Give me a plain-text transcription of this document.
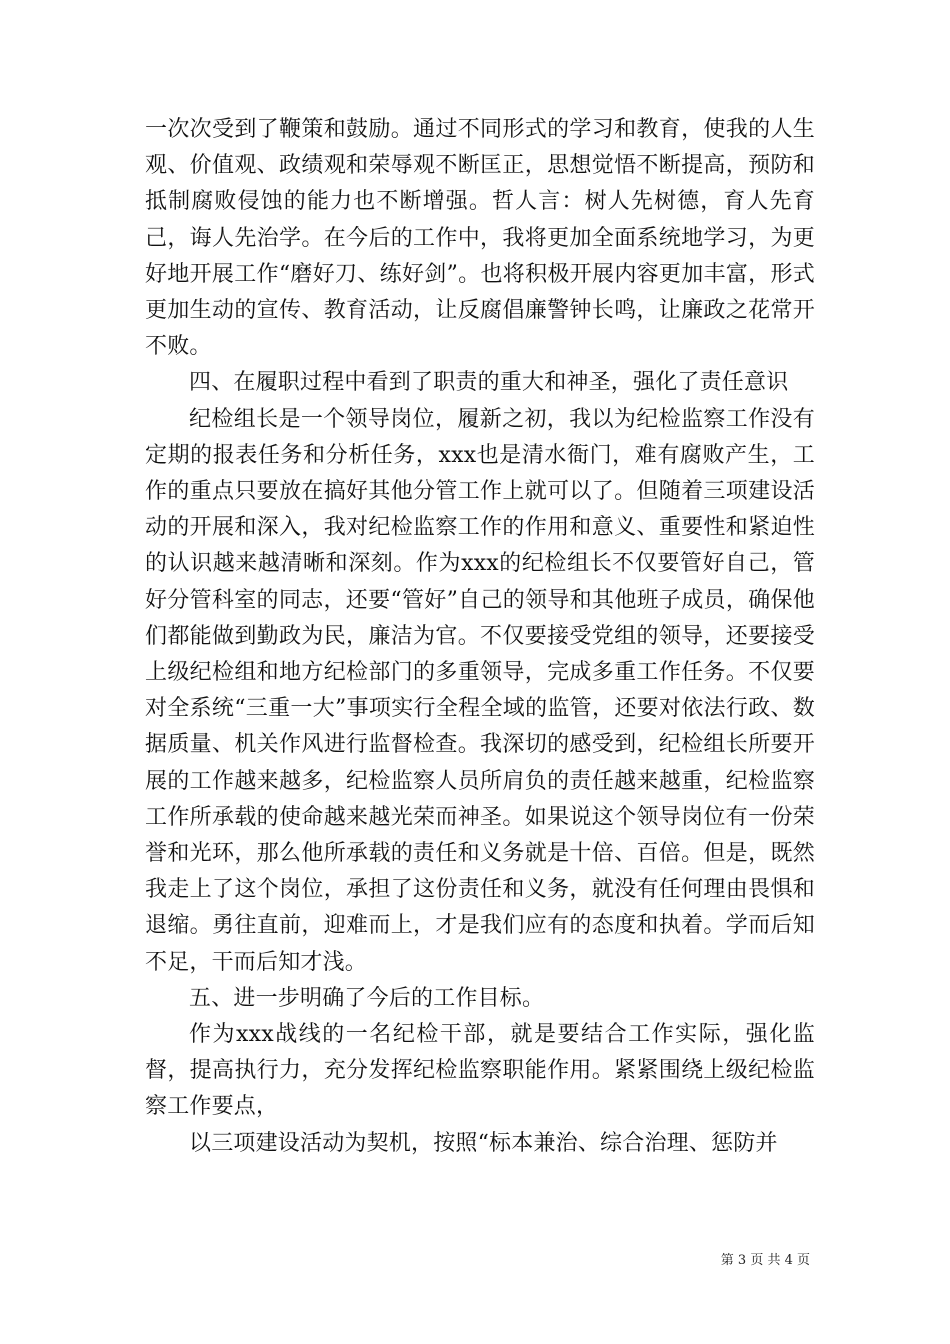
一次次受到了鞭策和鼓励。通过不同形式的学习和教育，使我的人生观、价值观、政绩观和荣辱观不断匡正，思想觉悟不断提高，预防和抵制腐败侵蚀的能力也不断增强。哲人言：树人先树德，育人先育己，诲人先治学。在今后的工作中，我将更加全面系统地学习，为更好地开展工作“磨好刀、练好剑”。也将积极开展内容更加丰富，形式更加生动的宣传、教育活动，让反腐倡廉警钟长鸣，让廉政之花常开不败。

四、在履职过程中看到了职责的重大和神圣，强化了责任意识

纪检组长是一个领导岗位，履新之初，我以为纪检监察工作没有定期的报表任务和分析任务，xxx也是清水衙门，难有腐败产生，工作的重点只要放在搞好其他分管工作上就可以了。但随着三项建设活动的开展和深入，我对纪检监察工作的作用和意义、重要性和紧迫性的认识越来越清晰和深刻。作为xxx的纪检组长不仅要管好自己，管好分管科室的同志，还要“管好”自己的领导和其他班子成员，确保他们都能做到勤政为民，廉洁为官。不仅要接受党组的领导，还要接受上级纪检组和地方纪检部门的多重领导，完成多重工作任务。不仅要对全系统“三重一大”事项实行全程全域的监管，还要对依法行政、数据质量、机关作风进行监督检查。我深切的感受到，纪检组长所要开展的工作越来越多，纪检监察人员所肩负的责任越来越重，纪检监察工作所承载的使命越来越光荣而神圣。如果说这个领导岗位有一份荣誉和光环，那么他所承载的责任和义务就是十倍、百倍。但是，既然我走上了这个岗位，承担了这份责任和义务，就没有任何理由畏惧和退缩。勇往直前，迎难而上，才是我们应有的态度和执着。学而后知不足，干而后知才浅。

五、进一步明确了今后的工作目标。

作为xxx战线的一名纪检干部，就是要结合工作实际，强化监督，提高执行力，充分发挥纪检监察职能作用。紧紧围绕上级纪检监察工作要点，

以三项建设活动为契机，按照“标本兼治、综合治理、惩防并

第 3 页 共 4 页
